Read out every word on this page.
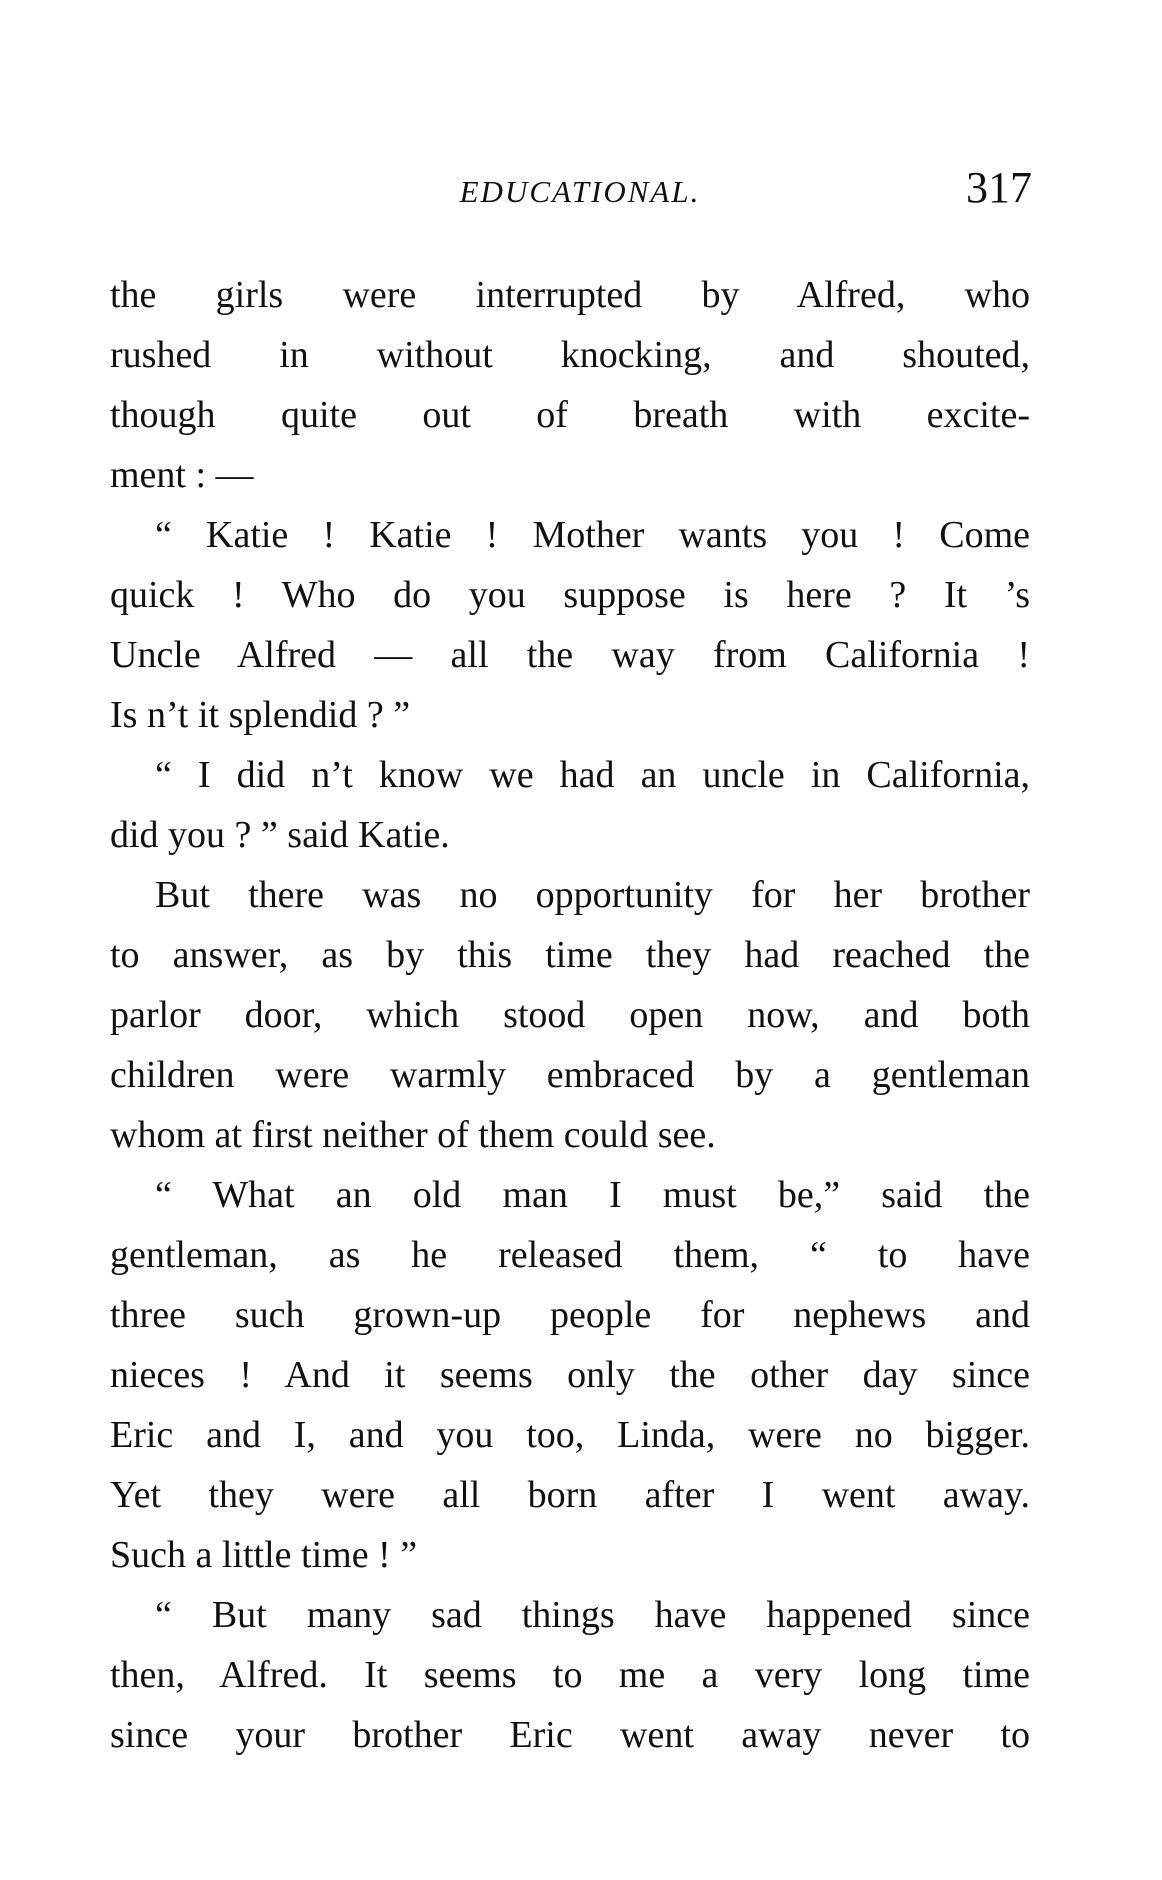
EDUCATIONAL.	317
the girls were interrupted by Alfred, who
rushed in without knocking, and shouted,
though quite out of breath with excite-
ment : —
“ Katie ! Katie ! Mother wants you ! Come
quick ! Who do you suppose is here ? It ’s
Uncle Alfred — all the way from California !
Is n’t it splendid ? ”
“ I did n’t know we had an uncle in California,
did you ? ” said Katie.
But there was no opportunity for her brother
to answer, as by this time they had reached the
parlor door, which stood open now, and both
children were warmly embraced by a gentleman
whom at first neither of them could see.
“ What an old man I must be,” said the
gentleman, as he released them, “ to have
three such grown-up people for nephews and
nieces ! And it seems only the other day since
Eric and I, and you too, Linda, were no bigger.
Yet they were all born after I went away.
Such a little time ! ”
“ But many sad things have happened since
then, Alfred. It seems to me a very long time
since your brother Eric went away never to
